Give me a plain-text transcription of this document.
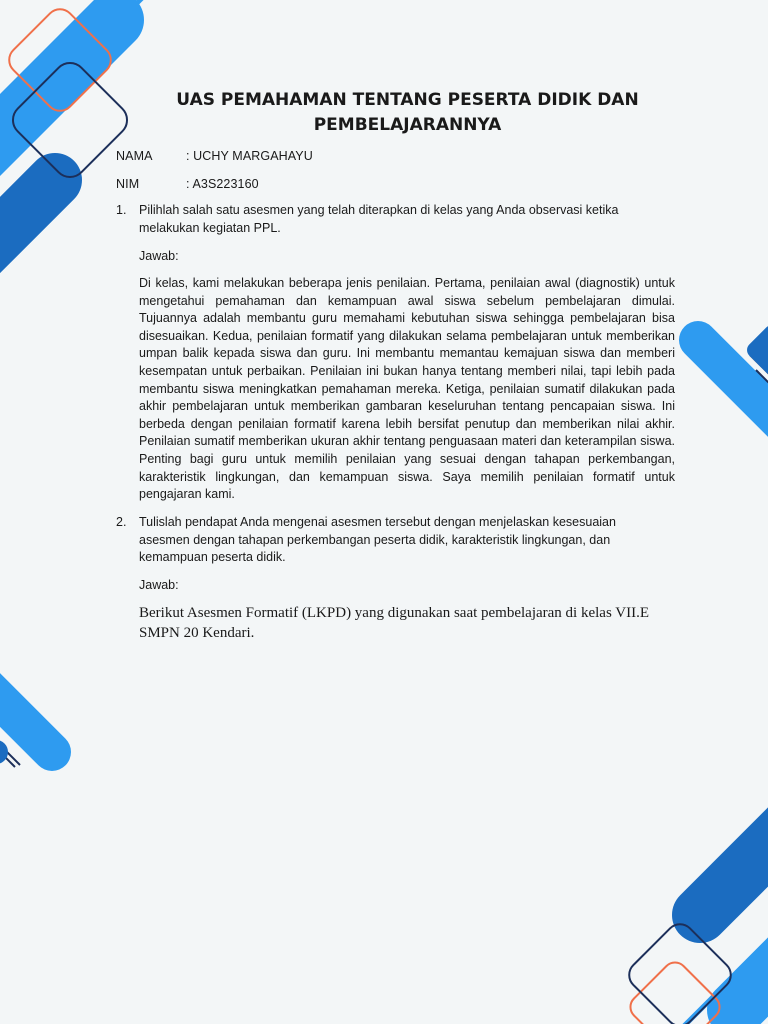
UAS PEMAHAMAN TENTANG PESERTA DIDIK DAN
PEMBELAJARANNYA
NAMA	: UCHY MARGAHAYU
NIM	: A3S223160
1. Pilihlah salah satu asesmen yang telah diterapkan di kelas yang Anda observasi ketika melakukan kegiatan PPL.
Jawab:
Di kelas, kami melakukan beberapa jenis penilaian. Pertama, penilaian awal (diagnostik) untuk mengetahui pemahaman dan kemampuan awal siswa sebelum pembelajaran dimulai. Tujuannya adalah membantu guru memahami kebutuhan siswa sehingga pembelajaran bisa disesuaikan. Kedua, penilaian formatif yang dilakukan selama pembelajaran untuk memberikan umpan balik kepada siswa dan guru. Ini membantu memantau kemajuan siswa dan memberi kesempatan untuk perbaikan. Penilaian ini bukan hanya tentang memberi nilai, tapi lebih pada membantu siswa meningkatkan pemahaman mereka. Ketiga, penilaian sumatif dilakukan pada akhir pembelajaran untuk memberikan gambaran keseluruhan tentang pencapaian siswa. Ini berbeda dengan penilaian formatif karena lebih bersifat penutup dan memberikan nilai akhir. Penilaian sumatif memberikan ukuran akhir tentang penguasaan materi dan keterampilan siswa. Penting bagi guru untuk memilih penilaian yang sesuai dengan tahapan perkembangan, karakteristik lingkungan, dan kemampuan siswa. Saya memilih penilaian formatif untuk pengajaran kami.
2. Tulislah pendapat Anda mengenai asesmen tersebut dengan menjelaskan kesesuaian asesmen dengan tahapan perkembangan peserta didik, karakteristik lingkungan, dan kemampuan peserta didik.
Jawab:
Berikut Asesmen Formatif (LKPD) yang digunakan saat pembelajaran di kelas VII.E SMPN 20 Kendari.
